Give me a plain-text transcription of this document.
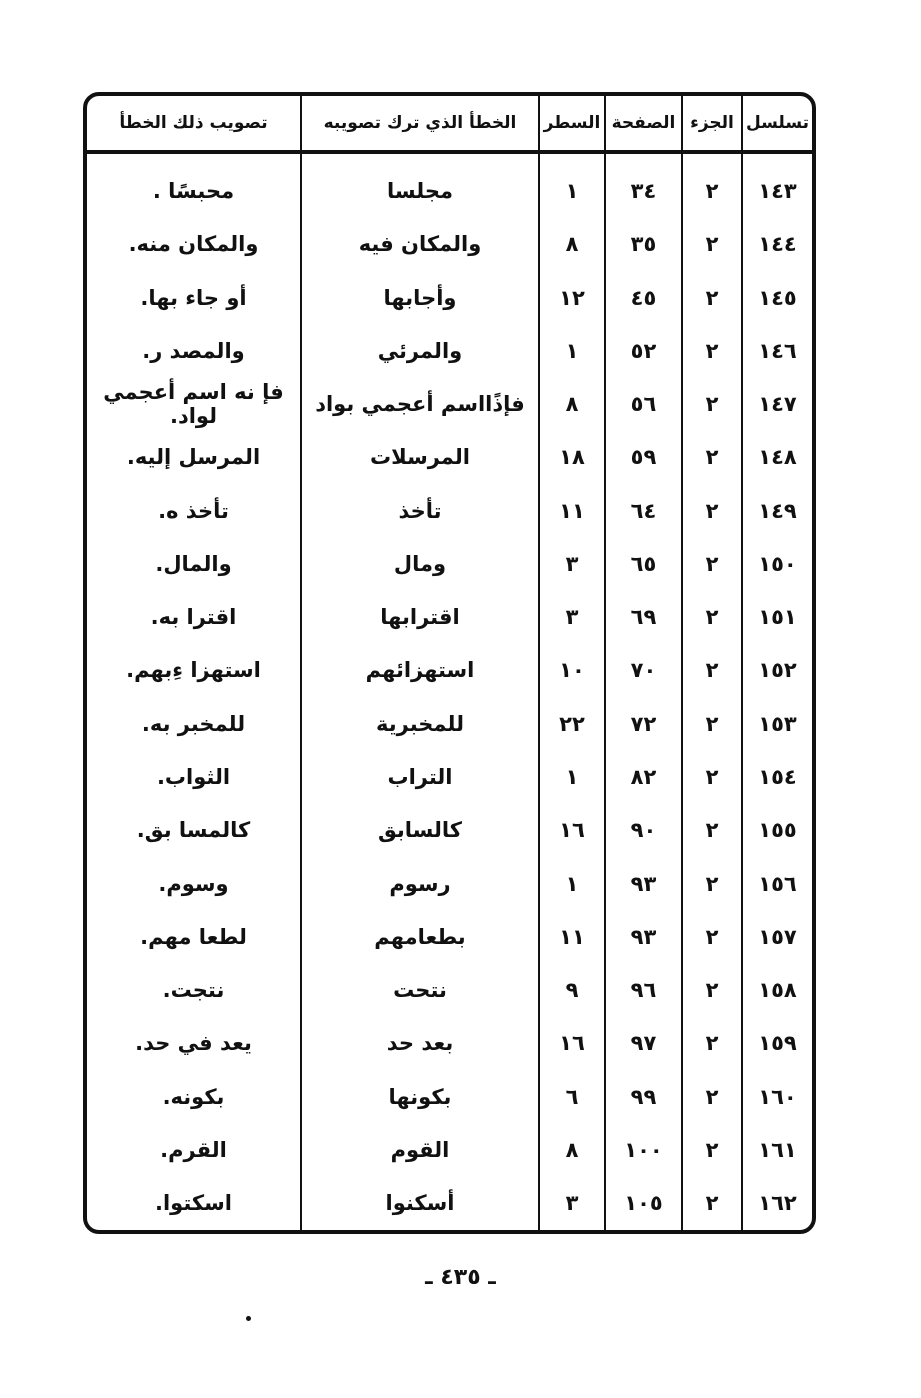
تسلسل	الجزء	الصفحة	السطر	الخطأ الذي ترك تصويبه	تصويب ذلك الخطأ
١٤٣	٢	٣٤	١	مجلسا	محبسًا .
١٤٤	٢	٣٥	٨	والمكان فيه	والمكان منه.
١٤٥	٢	٤٥	١٢	وأجابها	أو جاء بها.
١٤٦	٢	٥٢	١	والمرئي	والمصد ر.
١٤٧	٢	٥٦	٨	فإذًااسم أعجمي بواد	فإ نه اسم أعجمي لواد.
١٤٨	٢	٥٩	١٨	المرسلات	المرسل إليه.
١٤٩	٢	٦٤	١١	تأخذ	تأخذ ه.
١٥٠	٢	٦٥	٣	ومال	والمال.
١٥١	٢	٦٩	٣	اقترابها	اقترا به.
١٥٢	٢	٧٠	١٠	استهزائهم	استهزا ءِبهم.
١٥٣	٢	٧٢	٢٢	للمخبرية	للمخبر به.
١٥٤	٢	٨٢	١	التراب	الثواب.
١٥٥	٢	٩٠	١٦	كالسابق	كالمسا بق.
١٥٦	٢	٩٣	١	رسوم	وسوم.
١٥٧	٢	٩٣	١١	بطعامهم	لطعا مهم.
١٥٨	٢	٩٦	٩	نتحت	نتجت.
١٥٩	٢	٩٧	١٦	بعد حد	يعد في حد.
١٦٠	٢	٩٩	٦	بكونها	بكونه.
١٦١	٢	١٠٠	٨	القوم	القرم.
١٦٢	٢	١٠٥	٣	أسكنوا	اسكتوا.
ـ ٤٣٥ ـ
